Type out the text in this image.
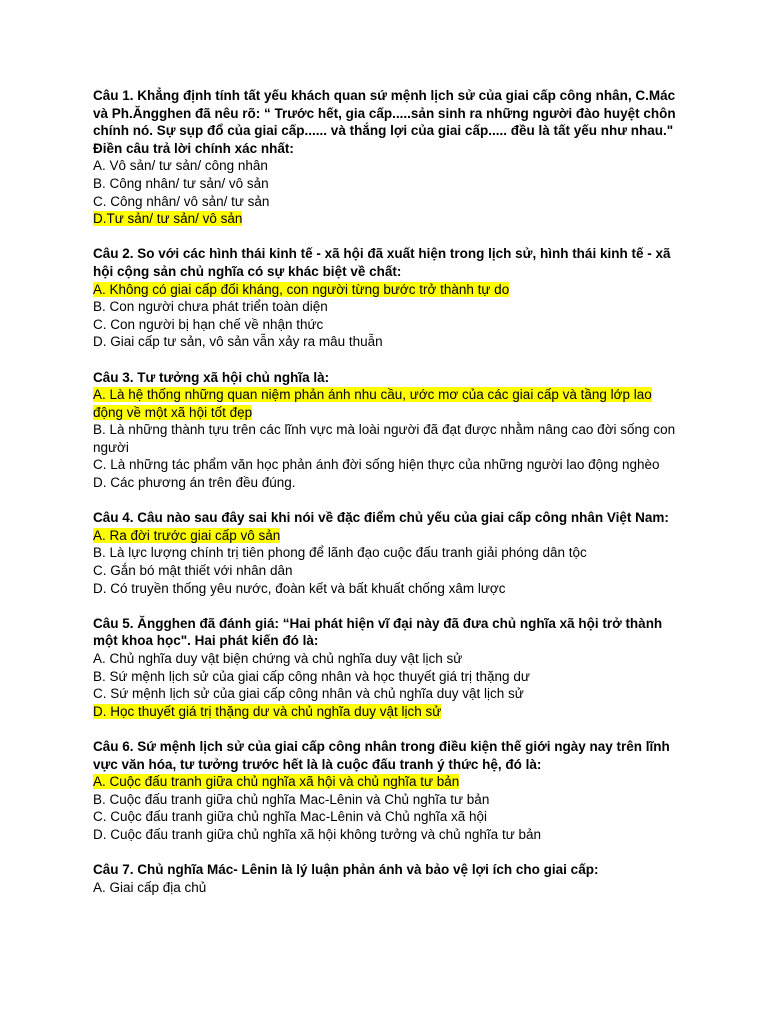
Câu 1. Khẳng định tính tất yếu khách quan sứ mệnh lịch sử của giai cấp công nhân, C.Mác và Ph.Ăngghen đã nêu rõ: “ Trước hết, gia cấp.....sản sinh ra những người đào huyệt chôn chính nó. Sự sụp đổ của giai cấp...... và thắng lợi của giai cấp..... đều là tất yếu như nhau." Điền câu trả lời chính xác nhất:

A. Vô sản/ tư sản/ công nhân

B. Công nhân/ tư sản/ vô sản

C. Công nhân/ vô sản/ tư sản

D.Tư sản/ tư sản/ vô sản

Câu 2. So với các hình thái kinh tế - xã hội đã xuất hiện trong lịch sử, hình thái kinh tế - xã hội cộng sản chủ nghĩa có sự khác biệt về chất:

A. Không có giai cấp đối kháng, con người từng bước trở thành tự do

B. Con người chưa phát triển toàn diện

C. Con người bị hạn chế về nhận thức

D. Giai cấp tư sản, vô sản vẫn xảy ra mâu thuẫn

Câu 3. Tư tưởng xã hội chủ nghĩa là:

A. Là hệ thống những quan niệm phản ánh nhu cầu, ước mơ của các giai cấp và tầng lớp lao động về một xã hội tốt đẹp

B. Là những thành tựu trên các lĩnh vực mà loài người đã đạt được nhằm nâng cao đời sống con người

C. Là những tác phẩm văn học phản ánh đời sống hiện thực của những người lao động nghèo

D. Các phương án trên đều đúng.

Câu 4. Câu nào sau đây sai khi nói về đặc điểm chủ yếu của giai cấp công nhân Việt Nam:

A. Ra đời trước giai cấp vô sản

B. Là lực lượng chính trị tiên phong để lãnh đạo cuộc đấu tranh giải phóng dân tộc

C. Gắn bó mật thiết với nhân dân

D. Có truyền thống yêu nước, đoàn kết và bất khuất chống xâm lược

Câu 5. Ăngghen đã đánh giá: “Hai phát hiện vĩ đại này đã đưa chủ nghĩa xã hội trở thành một khoa học". Hai phát kiến đó là:

A. Chủ nghĩa duy vật biện chứng và chủ nghĩa duy vật lịch sử

B. Sứ mệnh lịch sử của giai cấp công nhân và học thuyết giá trị thặng dư

C. Sứ mệnh lịch sử của giai cấp công nhân và chủ nghĩa duy vật lịch sử

D. Học thuyết giá trị thặng dư và chủ nghĩa duy vật lịch sử

Câu 6. Sứ mệnh lịch sử của giai cấp công nhân trong điều kiện thế giới ngày nay trên lĩnh vực văn hóa, tư tưởng trước hết là là cuộc đấu tranh ý thức hệ, đó là:

A. Cuộc đấu tranh giữa chủ nghĩa xã hội và chủ nghĩa tư bản

B. Cuộc đấu tranh giữa chủ nghĩa Mac-Lênin và Chủ nghĩa tư bản

C. Cuộc đấu tranh giữa chủ nghĩa Mac-Lênin và Chủ nghĩa xã hội

D. Cuộc đấu tranh giữa chủ nghĩa xã hội không tưởng và chủ nghĩa tư bản

Câu 7. Chủ nghĩa Mác- Lênin là lý luận phản ánh và bảo vệ lợi ích cho giai cấp:

A. Giai cấp địa chủ
